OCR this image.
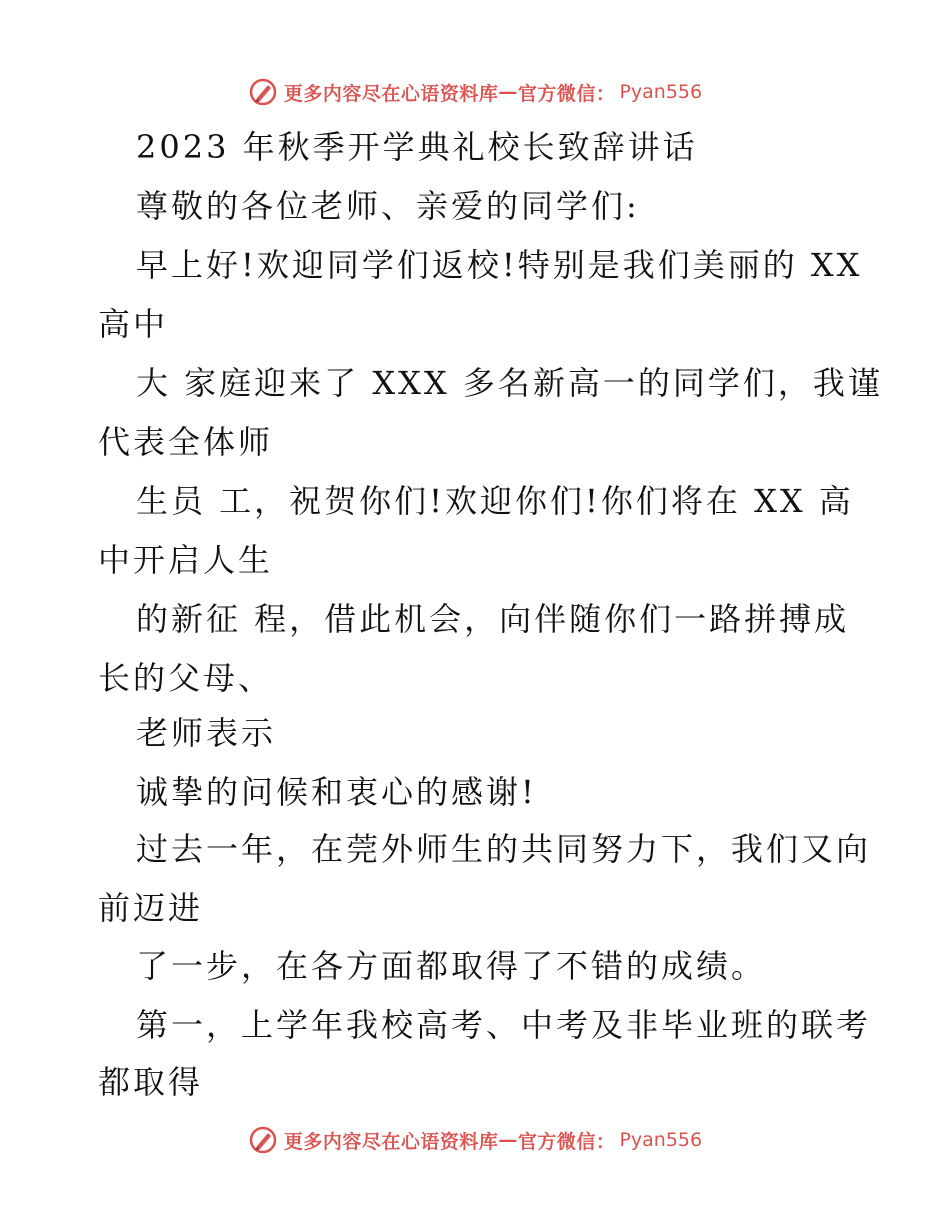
更多内容尽在心语资料库 — 官方微信： Pyan556
2023 年秋季开学典礼校长致辞讲话
尊敬的各位老师、亲爱的同学们:
早上好!欢迎同学们返校!特别是我们美丽的 XX
高中
大 家庭迎来了 XXX 多名新高一的同学们，我谨
代表全体师
生员 工，祝贺你们!欢迎你们!你们将在 XX 高
中开启人生
的新征 程，借此机会，向伴随你们一路拼搏成
长的父母、
老师表示
诚挚的问候和衷心的感谢!
过去一年，在莞外师生的共同努力下，我们又向
前迈进
了一步，在各方面都取得了不错的成绩。
第一，上学年我校高考、中考及非毕业班的联考
都取得
更多内容尽在心语资料库 — 官方微信： Pyan556
